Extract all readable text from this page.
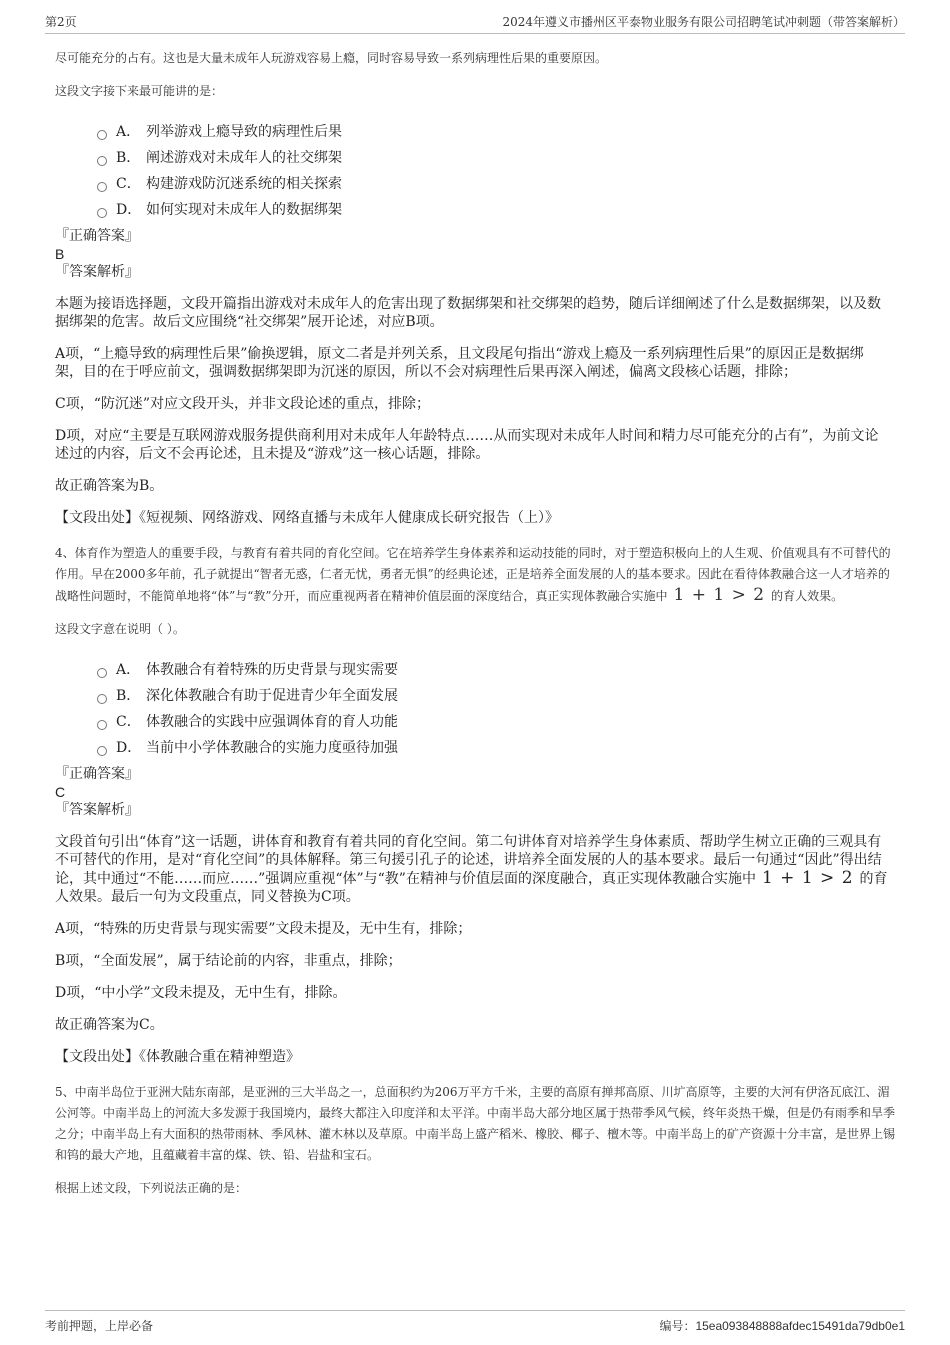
第2页	2024年遵义市播州区平泰物业服务有限公司招聘笔试冲刺题（带答案解析）

尽可能充分的占有。这也是大量未成年人玩游戏容易上瘾，同时容易导致一系列病理性后果的重要原因。

这段文字接下来最可能讲的是：

A． 列举游戏上瘾导致的病理性后果
B． 阐述游戏对未成年人的社交绑架
C． 构建游戏防沉迷系统的相关探索
D． 如何实现对未成年人的数据绑架

『正确答案』

B

『答案解析』

本题为接语选择题，文段开篇指出游戏对未成年人的危害出现了数据绑架和社交绑架的趋势，随后详细阐述了什么是数据绑架，以及数据绑架的危害。故后文应围绕“社交绑架”展开论述，对应B项。

A项，“上瘾导致的病理性后果”偷换逻辑，原文二者是并列关系，且文段尾句指出“游戏上瘾及一系列病理性后果”的原因正是数据绑架，目的在于呼应前文，强调数据绑架即为沉迷的原因，所以不会对病理性后果再深入阐述，偏离文段核心话题，排除；

C项，“防沉迷”对应文段开头，并非文段论述的重点，排除；

D项，对应“主要是互联网游戏服务提供商利用对未成年人年龄特点……从而实现对未成年人时间和精力尽可能充分的占有”，为前文论述过的内容，后文不会再论述，且未提及“游戏”这一核心话题，排除。

故正确答案为B。

【文段出处】《短视频、网络游戏、网络直播与未成年人健康成长研究报告（上）》

4、体育作为塑造人的重要手段，与教育有着共同的育化空间。它在培养学生身体素养和运动技能的同时，对于塑造积极向上的人生观、价值观具有不可替代的作用。早在2000多年前，孔子就提出“智者无惑，仁者无忧，勇者无惧”的经典论述，正是培养全面发展的人的基本要求。因此在看待体教融合这一人才培养的战略性问题时，不能简单地将“体”与“教”分开，而应重视两者在精神价值层面的深度结合，真正实现体教融合实施中 1 + 1 > 2 的育人效果。

这段文字意在说明（ ）。

A． 体教融合有着特殊的历史背景与现实需要
B． 深化体教融合有助于促进青少年全面发展
C． 体教融合的实践中应强调体育的育人功能
D． 当前中小学体教融合的实施力度亟待加强

『正确答案』

C

『答案解析』

文段首句引出“体育”这一话题，讲体育和教育有着共同的育化空间。第二句讲体育对培养学生身体素质、帮助学生树立正确的三观具有不可替代的作用，是对“育化空间”的具体解释。第三句援引孔子的论述，讲培养全面发展的人的基本要求。最后一句通过“因此”得出结论，其中通过“不能……而应……”强调应重视“体”与“教”在精神与价值层面的深度融合，真正实现体教融合实施中 1 + 1 > 2 的育人效果。最后一句为文段重点，同义替换为C项。

A项，“特殊的历史背景与现实需要”文段未提及，无中生有，排除；

B项，“全面发展”，属于结论前的内容，非重点，排除；

D项，“中小学”文段未提及，无中生有，排除。

故正确答案为C。

【文段出处】《体教融合重在精神塑造》

5、中南半岛位于亚洲大陆东南部，是亚洲的三大半岛之一，总面积约为206万平方千米，主要的高原有掸邦高原、川圹高原等，主要的大河有伊洛瓦底江、湄公河等。中南半岛上的河流大多发源于我国境内，最终大都注入印度洋和太平洋。中南半岛大部分地区属于热带季风气候，终年炎热干燥，但是仍有雨季和旱季之分；中南半岛上有大面积的热带雨林、季风林、灌木林以及草原。中南半岛上盛产稻米、橡胶、椰子、檀木等。中南半岛上的矿产资源十分丰富，是世界上锡和钨的最大产地，且蕴藏着丰富的煤、铁、铅、岩盐和宝石。

根据上述文段，下列说法正确的是：

考前押题，上岸必备	编号：15ea093848888afdec15491da79db0e1
